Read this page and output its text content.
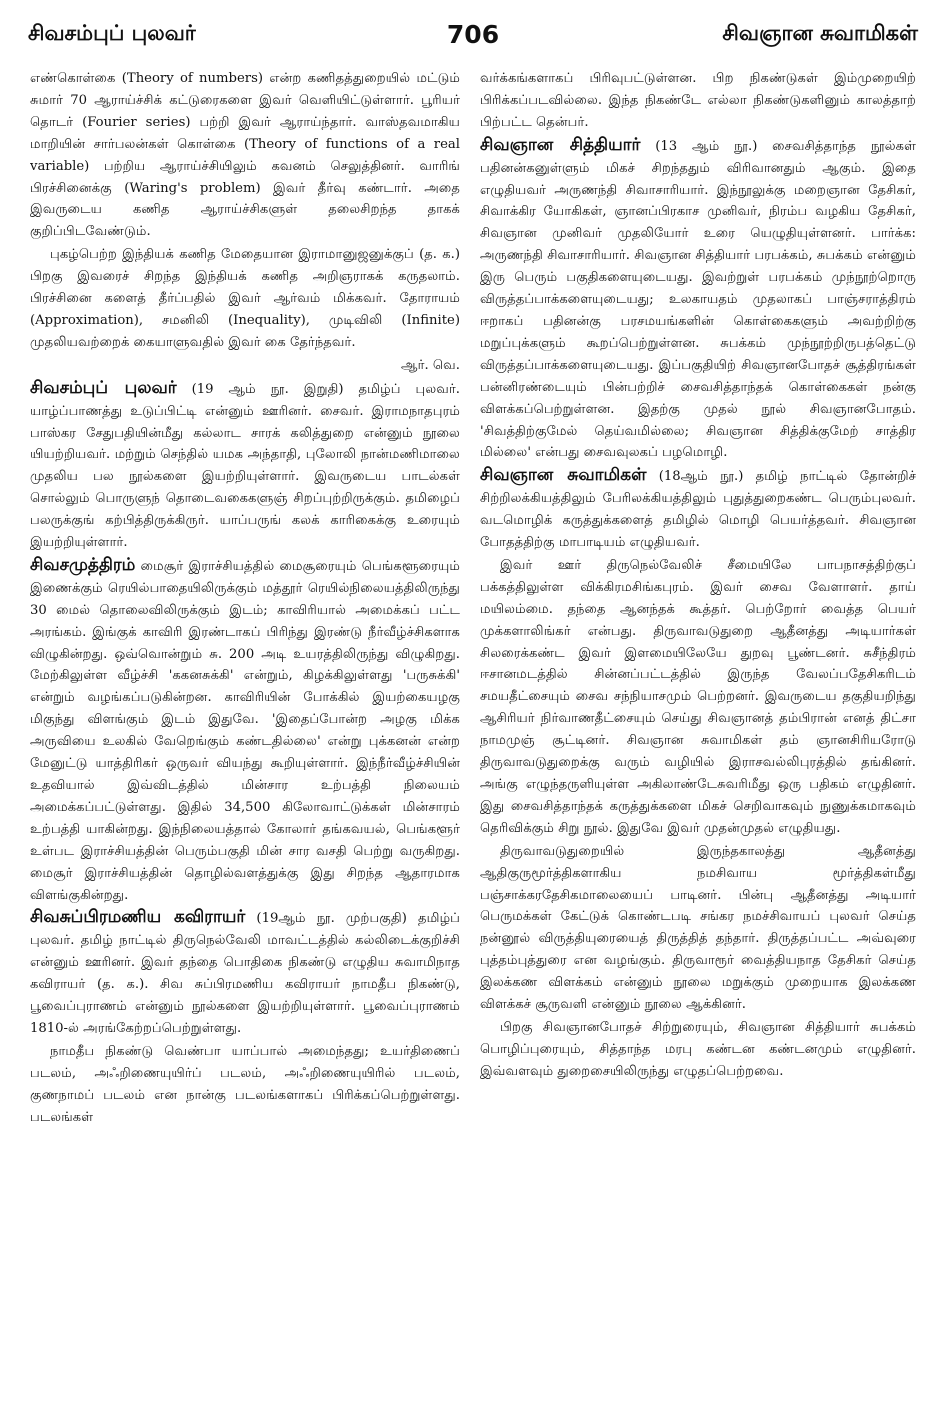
சிவசம்புப் புலவர்	706	சிவஞான சுவாமிகள்

எண்கொள்கை (Theory of numbers) என்ற கணிதத்துறையில் மட்டும் சுமார் 70 ஆராய்ச்சிக் கட்டுரைகளை இவர் வெளியிட்டுள்ளார். பூரியர் தொடர் (Fourier series) பற்றி இவர் ஆராய்ந்தார். வாஸ்தவமாகிய மாறியின் சார்பலன்கள் கொள்கை (Theory of functions of a real variable) பற்றிய ஆராய்ச்சியிலும் கவனம் செலுத்தினர். வாரிங் பிரச்சினைக்கு (Waring's problem) இவர் தீர்வு கண்டார். அதை இவருடைய கணித ஆராய்ச்சிகளுள் தலைசிறந்த தாகக் குறிப்பிடவேண்டும்.

புகழ்பெற்ற இந்தியக் கணித மேதையான இராமானுஜனுக்குப் (த. க.) பிறகு இவரைச் சிறந்த இந்தியக் கணித அறிஞராகக் கருதலாம். பிரச்சினை களைத் தீர்ப்பதில் இவர் ஆர்வம் மிக்கவர். தோராயம் (Approximation), சமனிலி (Inequality), முடிவிலி (Infinite) முதலியவற்றைக் கையாளுவதில் இவர் கை தேர்ந்தவர்.

ஆர். வெ.

சிவசம்புப் புலவர் (19 ஆம் நூ. இறுதி) தமிழ்ப் புலவர். யாழ்ப்பாணத்து உடுப்பிட்டி என்னும் ஊரினர். சைவர். இராமநாதபுரம் பாஸ்கர சேதுபதியின்மீது கல்லாட சாரக் கலித்துறை என்னும் நூலை யியற்றியவர். மற்றும் செந்தில் யமக அந்தாதி, புலோலி நான்மணிமாலை முதலிய பல நூல்களை இயற்றியுள்ளார். இவருடைய பாடல்கள் சொல்லும் பொருளுந் தொடைவகைகளுஞ் சிறப்புற்றிருக்கும். தமிழைப் பலருக்குங் கற்பித்திருக்கிருர். யாப்பருங் கலக் காரிகைக்கு உரையும் இயற்றியுள்ளார்.

சிவசமுத்திரம் மைசூர் இராச்சியத்தில் மைசூரையும் பெங்களூரையும் இணைக்கும் ரெயில்பாதையிலிருக்கும் மத்தூர் ரெயில்நிலையத்திலிருந்து 30 மைல் தொலைவிலிருக்கும் இடம்; காவிரியால் அமைக்கப் பட்ட அரங்கம். இங்குக் காவிரி இரண்டாகப் பிரிந்து இரண்டு நீர்வீழ்ச்சிகளாக விழுகின்றது. ஒவ்வொன்றும் சு. 200 அடி உயரத்திலிருந்து விழுகிறது. மேற்கிலுள்ள வீழ்ச்சி 'ககனசுக்கி' என்றும், கிழக்கிலுள்ளது 'பருசுக்கி' என்றும் வழங்கப்படுகின்றன. காவிரியின் போக்கில் இயற்கையழகு மிகுந்து விளங்கும் இடம் இதுவே. 'இதைப்போன்ற அழகு மிக்க அருவியை உலகில் வேறெங்கும் கண்டதில்லை' என்று புக்கனன் என்ற மேனுட்டு யாத்திரிகர் ஒருவர் வியந்து கூறியுள்ளார். இந்நீர்வீழ்ச்சியின் உதவியால் இவ்விடத்தில் மின்சார உற்பத்தி நிலையம் அமைக்கப்பட்டுள்ளது. இதில் 34,500 கிலோவாட்டுக்கள் மின்சாரம் உற்பத்தி யாகின்றது. இந்நிலையத்தால் கோலார் தங்கவயல், பெங்களூர் உள்பட இராச்சியத்தின் பெரும்பகுதி மின் சார வசதி பெற்று வருகிறது. மைசூர் இராச்சியத்தின் தொழில்வளத்துக்கு இது சிறந்த ஆதாரமாக விளங்குகின்றது.

சிவசுப்பிரமணிய கவிராயர் (19ஆம் நூ. முற்பகுதி) தமிழ்ப் புலவர். தமிழ் நாட்டில் திருநெல்வேலி மாவட்டத்தில் கல்லிடைக்குறிச்சி என்னும் ஊரினர். இவர் தந்தை பொதிகை நிகண்டு எழுதிய சுவாமிநாத கவிராயர் (த. க.). சிவ சுப்பிரமணிய கவிராயர் நாமதீப நிகண்டு, பூவைப்புராணம் என்னும் நூல்களை இயற்றியுள்ளார். பூவைப்புராணம் 1810-ல் அரங்கேற்றப்பெற்றுள்ளது.

நாமதீப நிகண்டு வெண்பா யாப்பால் அமைந்தது; உயர்திணைப் படலம், அஃறிணையுயிர்ப் படலம், அஃறிணையுயிரில் படலம், குணநாமப் படலம் என நான்கு படலங்களாகப் பிரிக்கப்பெற்றுள்ளது. படலங்கள்

வர்க்கங்களாகப் பிரிவுபட்டுள்ளன. பிற நிகண்டுகள் இம்முறையிற் பிரிக்கப்படவில்லை. இந்த நிகண்டே எல்லா நிகண்டுகளினும் காலத்தாற் பிற்பட்ட தென்பர்.

சிவஞான சித்தியார் (13 ஆம் நூ.) சைவசித்தாந்த நூல்கள் பதினன்கனுள்ளும் மிகச் சிறந்ததும் விரிவானதும் ஆகும். இதை எழுதியவர் அருணந்தி சிவாசாரியார். இந்நூலுக்கு மறைஞான தேசிகர், சிவாக்கிர யோகிகள், ஞானப்பிரகாச முனிவர், நிரம்ப வழகிய தேசிகர், சிவஞான முனிவர் முதலியோர் உரை யெழுதியுள்ளனர். பார்க்க: அருணந்தி சிவாசாரியார். சிவஞான சித்தியார் பரபக்கம், சுபக்கம் என்னும் இரு பெரும் பகுதிகளையுடையது. இவற்றுள் பரபக்கம் முந்நூற்றொரு விருத்தப்பாக்களையுடையது; உலகாயதம் முதலாகப் பாஞ்சராத்திரம் ஈறாகப் பதினன்கு பரசமயங்களின் கொள்கைகளும் அவற்றிற்கு மறுப்புக்களும் கூறப்பெற்றுள்ளன. சுபக்கம் முந்நூற்றிருபத்தெட்டு விருத்தப்பாக்களையுடையது. இப்பகுதியிற் சிவஞானபோதச் சூத்திரங்கள் பன்னிரண்டையும் பின்பற்றிச் சைவசித்தாந்தக் கொள்கைகள் நன்கு விளக்கப்பெற்றுள்ளன. இதற்கு முதல் நூல் சிவஞானபோதம். 'சிவத்திற்குமேல் தெய்வமில்லை; சிவஞான சித்திக்குமேற் சாத்திர மில்லை' என்பது சைவவுலகப் பழமொழி.

சிவஞான சுவாமிகள் (18ஆம் நூ.) தமிழ் நாட்டில் தோன்றிச் சிற்றிலக்கியத்திலும் பேரிலக்கியத்திலும் புதுத்துறைகண்ட பெரும்புலவர். வடமொழிக் கருத்துக்களைத் தமிழில் மொழி பெயர்த்தவர். சிவஞான போதத்திற்கு மாபாடியம் எழுதியவர்.

இவர் ஊர் திருநெல்வேலிச் சீமையிலே பாபநாசத்திற்குப் பக்கத்திலுள்ள விக்கிரமசிங்கபுரம். இவர் சைவ வேளாளர். தாய் மயிலம்மை. தந்தை ஆனந்தக் கூத்தர். பெற்றோர் வைத்த பெயர் முக்களாலிங்கர் என்பது. திருவாவடுதுறை ஆதீனத்து அடியார்கள் சிலரைக்கண்ட இவர் இளமையிலேயே துறவு பூண்டனர். சுசீந்திரம் ஈசானமடத்தில் சின்னப்பட்டத்தில் இருந்த வேலப்பதேசிகரிடம் சமயதீட்சையும் சைவ சந்நியாசமும் பெற்றனர். இவருடைய தகுதியறிந்து ஆசிரியர் நிர்வாணதீட்சையும் செய்து சிவஞானத் தம்பிரான் எனத் திட்சா நாமமுஞ் சூட்டினர். சிவஞான சுவாமிகள் தம் ஞானசிரியரோடு திருவாவடுதுறைக்கு வரும் வழியில் இராசவல்லிபுரத்தில் தங்கினர். அங்கு எழுந்தருளியுள்ள அகிலாண்டேசுவரிமீது ஒரு பதிகம் எழுதினர். இது சைவசித்தாந்தக் கருத்துக்களை மிகச் செறிவாகவும் நுணுக்கமாகவும் தெரிவிக்கும் சிறு நூல். இதுவே இவர் முதன்முதல் எழுதியது.

திருவாவடுதுறையில் இருந்தகாலத்து ஆதீனத்து ஆதிகுருமூர்த்திகளாகிய நமசிவாய மூர்த்திகள்மீது பஞ்சாக்கரதேசிகமாலையைப் பாடினர். பின்பு ஆதீனத்து அடியார் பெருமக்கள் கேட்டுக் கொண்டபடி சங்கர நமச்சிவாயப் புலவர் செய்த நன்னூல் விருத்தியுரையைத் திருத்தித் தந்தார். திருத்தப்பட்ட அவ்வுரை புத்தம்புத்துரை என வழங்கும். திருவாரூர் வைத்தியநாத தேசிகர் செய்த இலக்கண விளக்கம் என்னும் நூலை மறுக்கும் முறையாக இலக்கண விளக்கச் சூருவளி என்னும் நூலை ஆக்கினர்.

பிறகு சிவஞானபோதச் சிற்றுரையும், சிவஞான சித்தியார் சுபக்கம் பொழிப்புரையும், சித்தாந்த மரபு கண்டன கண்டனமும் எழுதினர். இவ்வளவும் துறைசையிலிருந்து எழுதப்பெற்றவை.
